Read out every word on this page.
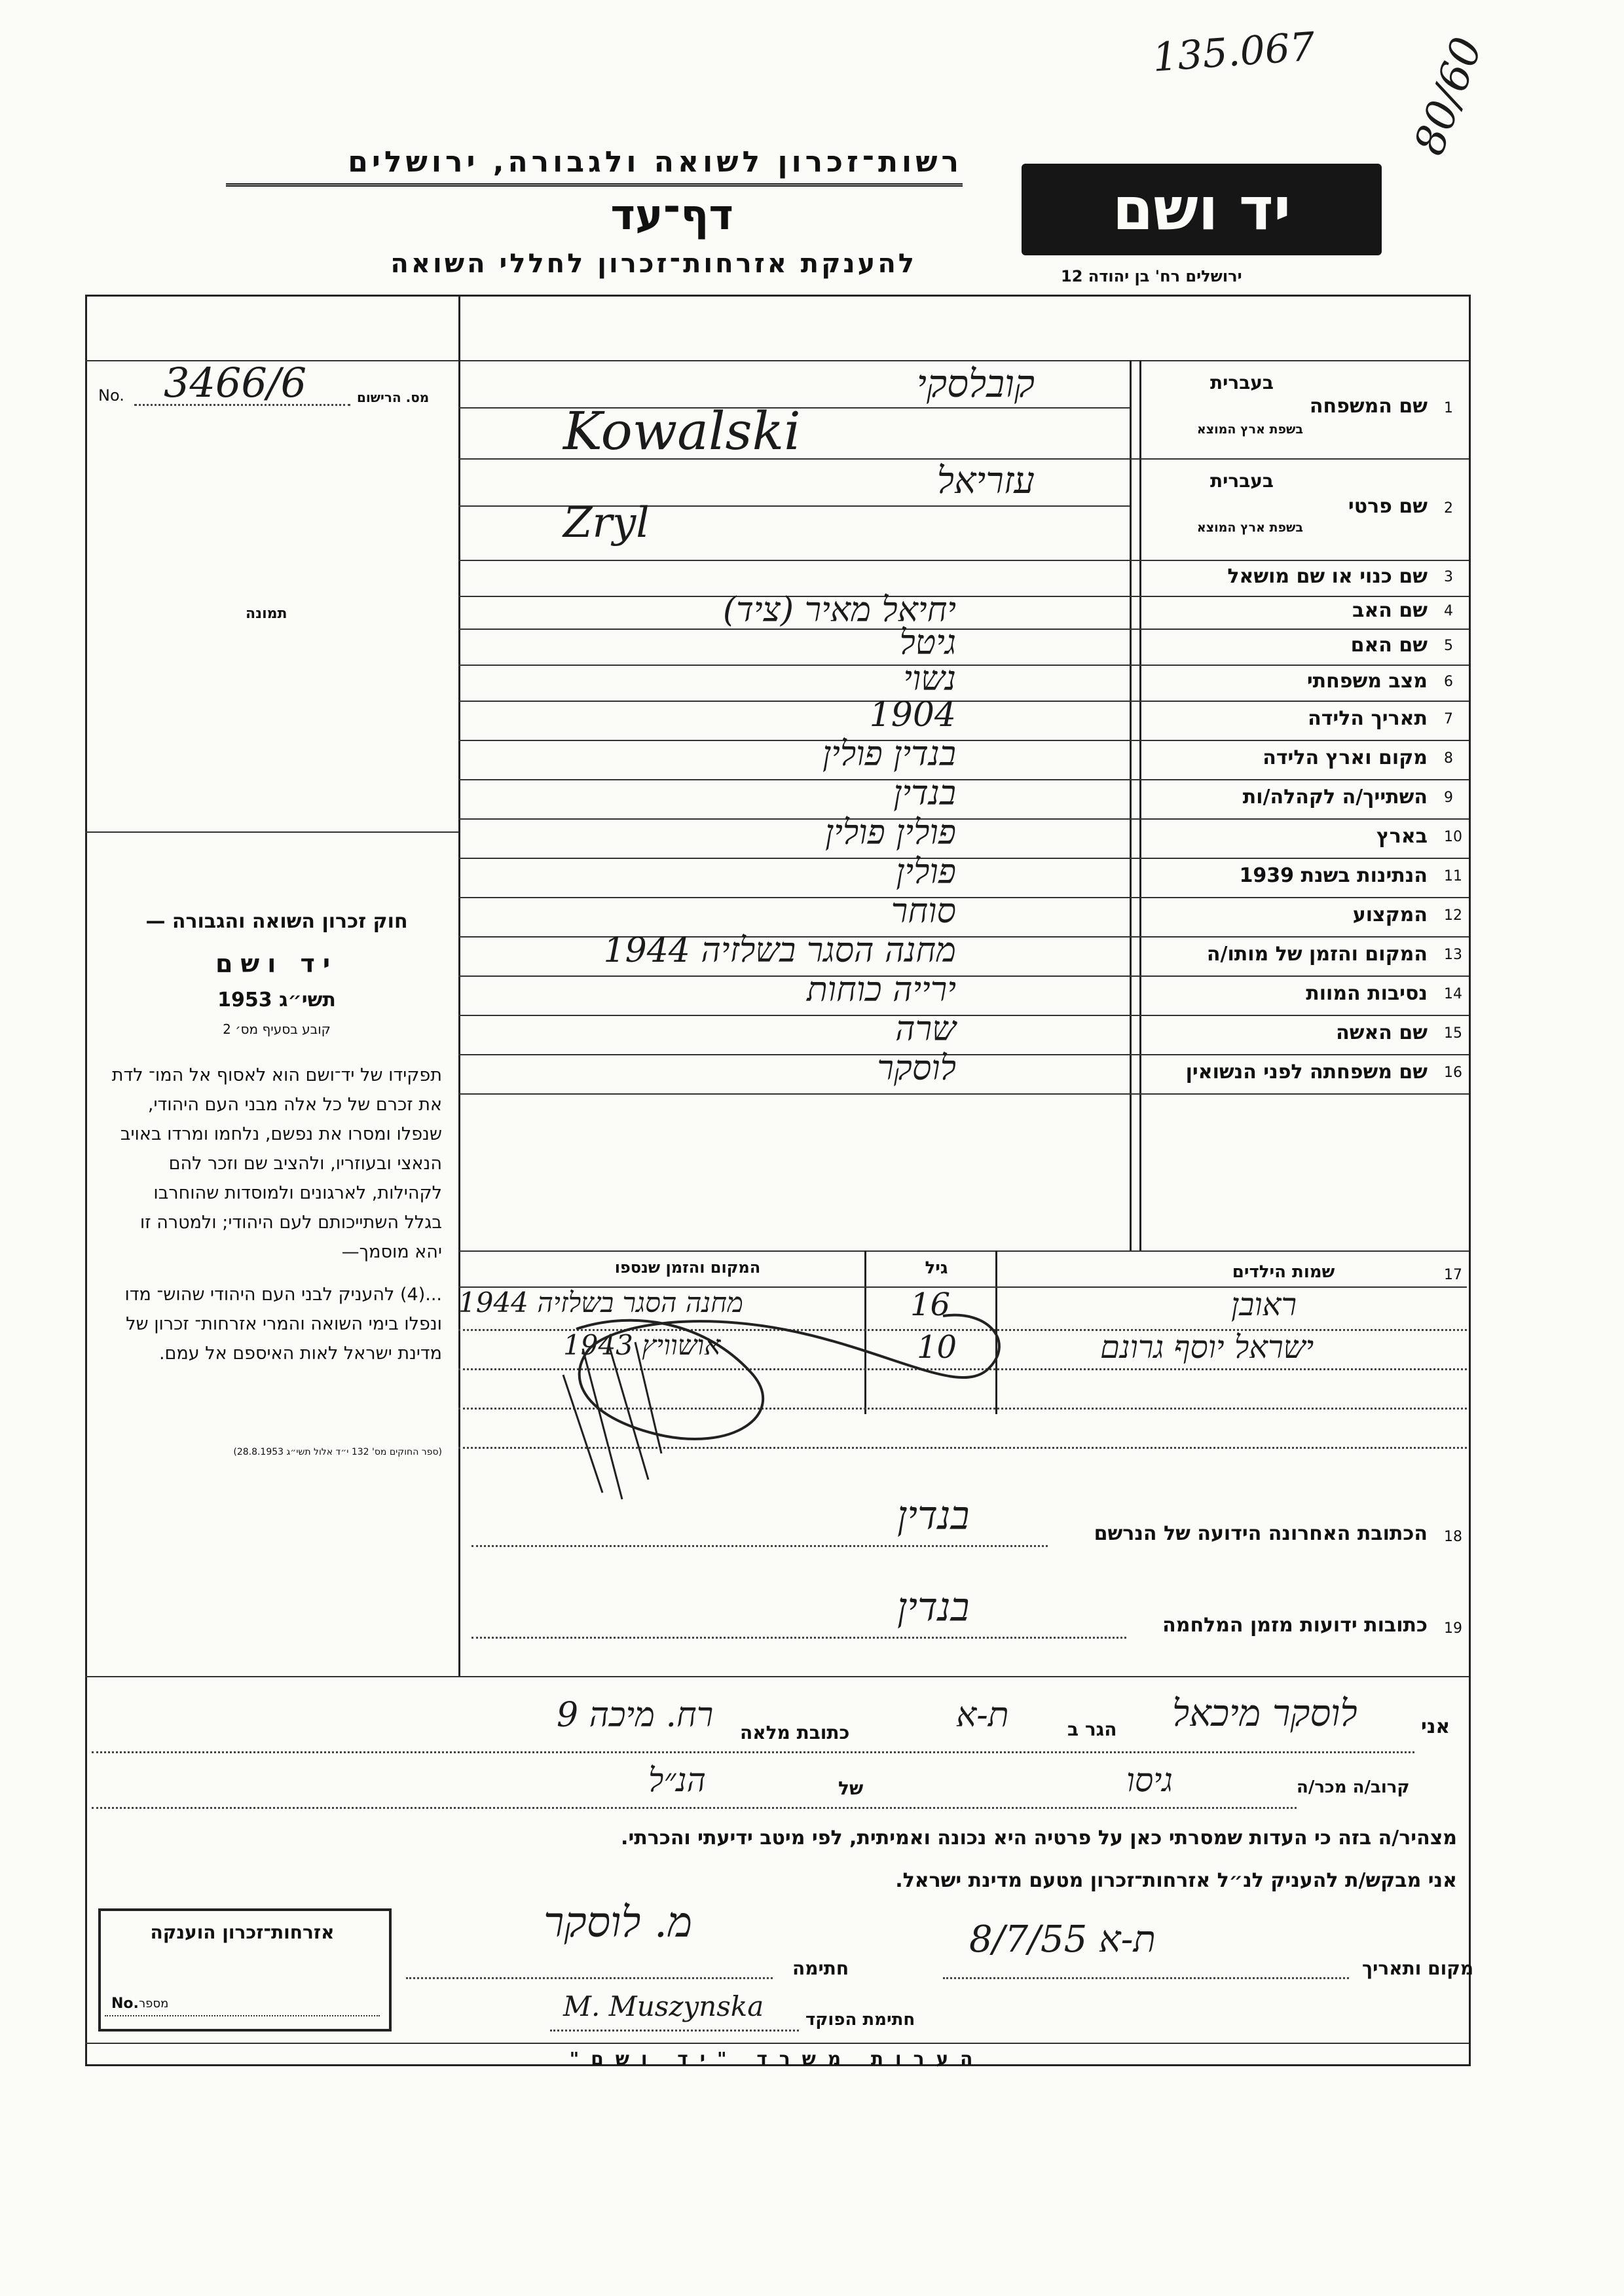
135.067 80/60
רשות־זכרון לשואה ולגבורה, ירושלים
דף־עד
להענקת אזרחות־זכרון לחללי השואה
יד ושם
ירושלים רח' בן יהודה 12
No. 3466/6	מס. הרישום
תמונה
חוק זכרון השואה והגבורה —
יד ושם
תשי״ג 1953
קובע בסעיף מס׳ 2
תפקידו של יד־ושם הוא לאסוף אל המו־ לדת את זכרם של כל אלה מבני העם היהודי, שנפלו ומסרו את נפשם, נלחמו ומרדו באויב הנאצי ובעוזריו, ולהציב שם וזכר להם לקהילות, לארגונים ולמוסדות שהוחרבו בגלל השתייכותם לעם היהודי; ולמטרה זו יהא מוסמך—
...(4) להעניק לבני העם היהודי שהוש־ מדו ונפלו בימי השואה והמרי אזרחות־ זכרון של מדינת ישראל לאות האיספם אל עמם.
(ספר החוקים מס' 132 י״ד אלול תשי״ג 28.8.1953)
1
שם המשפחה
בעברית
בשפת ארץ המוצא
קובלסקי
Kowalski
2
שם פרטי
בעברית
בשפת ארץ המוצא
עזריאל
Zryl
3
שם כנוי או שם מושאל
4
שם האב
יחיאל מאיר (ציד)
5
שם האם
גיטל
6
מצב משפחתי
נשוי
7
תאריך הלידה
1904
8
מקום וארץ הלידה
בנדין פולין
9
השתייך/ה לקהלה/ות
בנדין
10
בארץ
פולין פולין
11
הנתינות בשנת 1939
פולין
12
המקצוע
סוחר
13
המקום והזמן של מותו/ה
מחנה הסגר בשלזיה 1944
14
נסיבות המוות
ירייה כוחות
15
שם האשה
שרה
16
שם משפחתה לפני הנשואין
לוסקר
17
שמות הילדים
גיל
המקום והזמן שנספו
ראובן
16
מחנה הסגר בשלזיה 1944
ישראל יוסף גרונם
10
אושוויץ 1943
18
הכתובת האחרונה הידועה של הנרשם
בנדין
19
כתובות ידועות מזמן המלחמה
בנדין
אני
לוסקר מיכאל
הגר ב
ת-א
כתובת מלאה
רח. מיכה 9
קרוב/ה מכר/ה
גיסו
של
הנ״ל
מצהיר/ה בזה כי העדות שמסרתי כאן על פרטיה היא נכונה ואמיתית, לפי מיטב ידיעתי והכרתי.
אני מבקש/ת להעניק לנ״ל אזרחות־זכרון מטעם מדינת ישראל.
מקום ותאריך
ת-א 8/7/55
חתימה
מ. לוסקר
חתימת הפוקד
M. Muszynska
אזרחות־זכרון הוענקה
No. מספר
הערות משרד "יד ושם"
